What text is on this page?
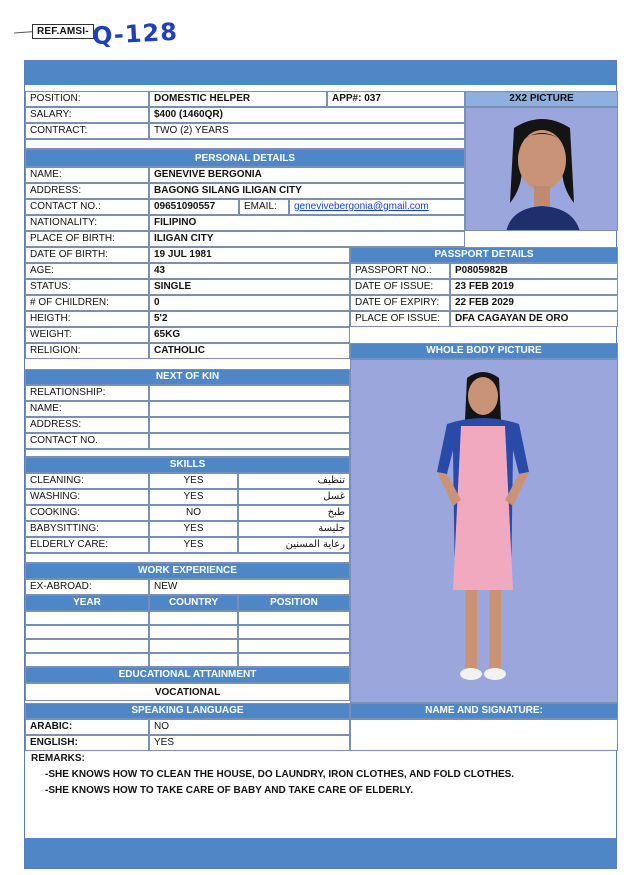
REF.AMSI- Q-128
POSITION:	DOMESTIC HELPER	APP#: 037	2X2 PICTURE
SALARY:	$400 (1460QR)
CONTRACT:	TWO (2) YEARS
PERSONAL DETAILS
NAME:	GENEVIVE BERGONIA
ADDRESS:	BAGONG SILANG ILIGAN CITY
CONTACT NO.:	09651090557	EMAIL:	genevivebergonia@gmail.com
NATIONALITY:	FILIPINO
PLACE OF BIRTH:	ILIGAN CITY
DATE OF BIRTH:	19 JUL 1981
AGE:	43
STATUS:	SINGLE
# OF CHILDREN:	0
HEIGTH:	5'2
WEIGHT:	65KG
RELIGION:	CATHOLIC
PASSPORT DETAILS
PASSPORT NO.:	P0805982B
DATE OF ISSUE:	23 FEB 2019
DATE OF EXPIRY:	22 FEB 2029
PLACE OF ISSUE:	DFA CAGAYAN DE ORO
WHOLE BODY PICTURE
NEXT OF KIN
RELATIONSHIP:
NAME:
ADDRESS:
CONTACT NO.
SKILLS
CLEANING:	YES	تنظيف
WASHING:	YES	غسل
COOKING:	NO	طبخ
BABYSITTING:	YES	جليسة
ELDERLY CARE:	YES	رعاية المسنين
WORK EXPERIENCE
EX-ABROAD:	NEW
YEAR	COUNTRY	POSITION
EDUCATIONAL ATTAINMENT
VOCATIONAL
SPEAKING LANGUAGE	NAME AND SIGNATURE:
ARABIC:	NO
ENGLISH:	YES
REMARKS:
-SHE KNOWS HOW TO CLEAN THE HOUSE, DO LAUNDRY, IRON CLOTHES, AND FOLD CLOTHES.
-SHE KNOWS HOW TO TAKE CARE OF BABY AND TAKE CARE OF ELDERLY.
